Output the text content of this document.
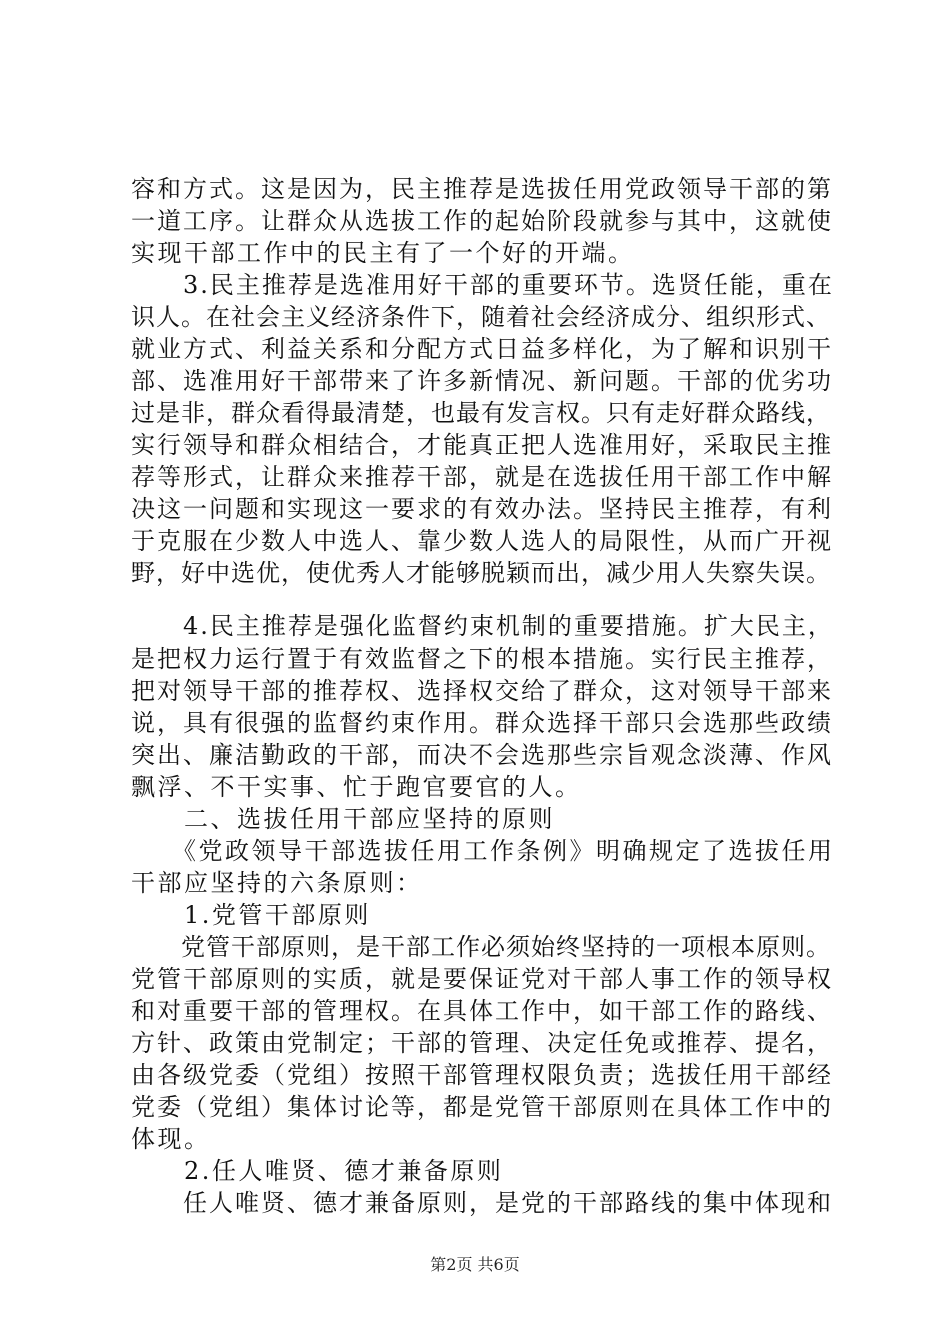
容和方式。这是因为，民主推荐是选拔任用党政领导干部的第
一道工序。让群众从选拔工作的起始阶段就参与其中，这就使
实现干部工作中的民主有了一个好的开端。
　　3.民主推荐是选准用好干部的重要环节。选贤任能，重在
识人。在社会主义经济条件下，随着社会经济成分、组织形式、
就业方式、利益关系和分配方式日益多样化，为了解和识别干
部、选准用好干部带来了许多新情况、新问题。干部的优劣功
过是非，群众看得最清楚，也最有发言权。只有走好群众路线，
实行领导和群众相结合，才能真正把人选准用好，采取民主推
荐等形式，让群众来推荐干部，就是在选拔任用干部工作中解
决这一问题和实现这一要求的有效办法。坚持民主推荐，有利
于克服在少数人中选人、靠少数人选人的局限性，从而广开视
野，好中选优，使优秀人才能够脱颖而出，减少用人失察失误。
　　4.民主推荐是强化监督约束机制的重要措施。扩大民主，
是把权力运行置于有效监督之下的根本措施。实行民主推荐，
把对领导干部的推荐权、选择权交给了群众，这对领导干部来
说，具有很强的监督约束作用。群众选择干部只会选那些政绩
突出、廉洁勤政的干部，而决不会选那些宗旨观念淡薄、作风
飘浮、不干实事、忙于跑官要官的人。
　　二、选拔任用干部应坚持的原则
　　《党政领导干部选拔任用工作条例》明确规定了选拔任用
干部应坚持的六条原则：
　　1.党管干部原则
　　党管干部原则，是干部工作必须始终坚持的一项根本原则。
党管干部原则的实质，就是要保证党对干部人事工作的领导权
和对重要干部的管理权。在具体工作中，如干部工作的路线、
方针、政策由党制定；干部的管理、决定任免或推荐、提名，
由各级党委（党组）按照干部管理权限负责；选拔任用干部经
党委（党组）集体讨论等，都是党管干部原则在具体工作中的
体现。
　　2.任人唯贤、德才兼备原则
　　任人唯贤、德才兼备原则，是党的干部路线的集中体现和
第2页 共6页
